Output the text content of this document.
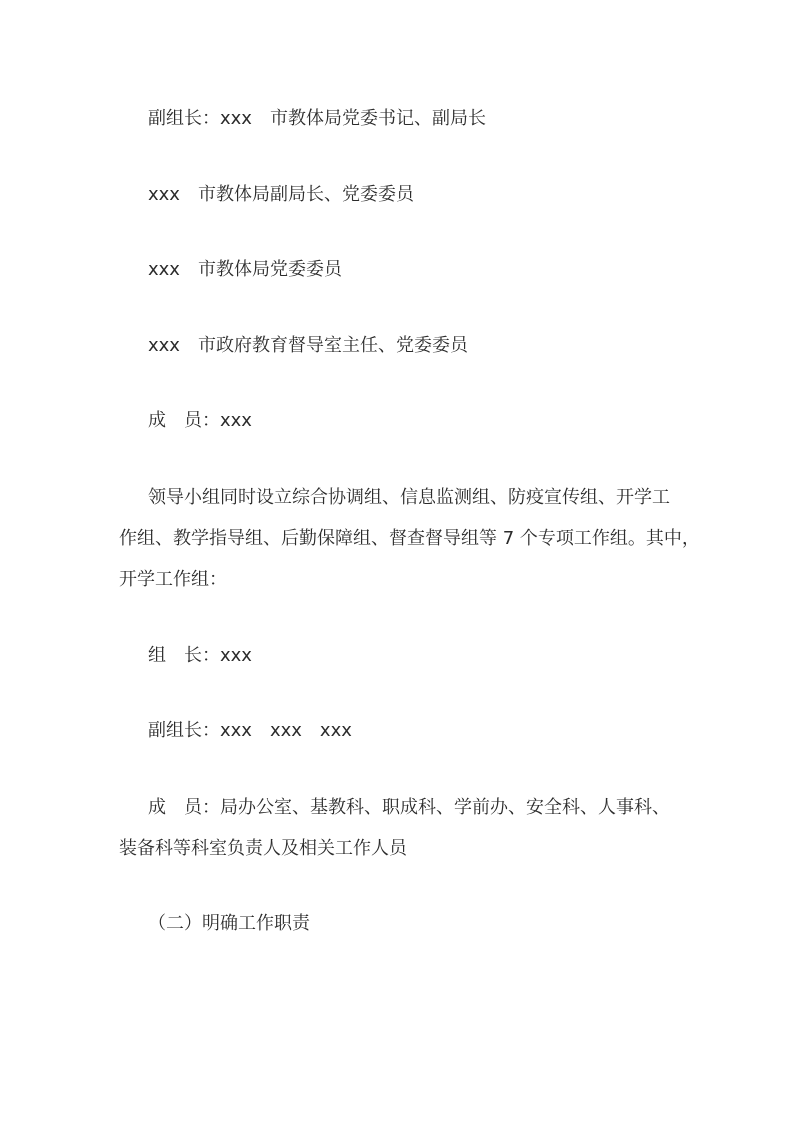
副组长：xxx　市教体局党委书记、副局长
xxx　市教体局副局长、党委委员
xxx　市教体局党委委员
xxx　市政府教育督导室主任、党委委员
成　员：xxx
领导小组同时设立综合协调组、信息监测组、防疫宣传组、开学工
作组、教学指导组、后勤保障组、督查督导组等 7 个专项工作组。其中，
开学工作组：
组　长：xxx
副组长：xxx　xxx　xxx
成　员：局办公室、基教科、职成科、学前办、安全科、人事科、
装备科等科室负责人及相关工作人员
（二）明确工作职责
